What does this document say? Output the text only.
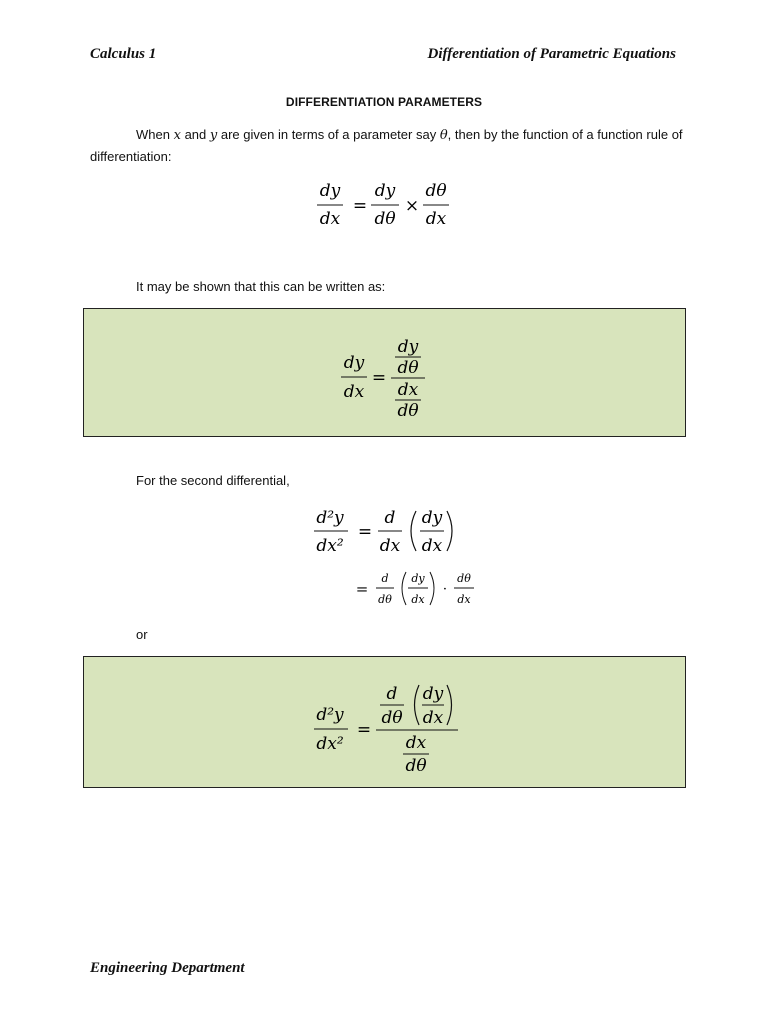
Calculus 1	Differentiation of Parametric Equations
DIFFERENTIATION PARAMETERS
When x and y are given in terms of a parameter say θ, then by the function of a function rule of differentiation:
dy
dx
=
dy
dθ
×
dθ
dx
It may be shown that this can be written as:
dy
dx
=
dy
dθ
dx
dθ
For the second differential,
d²y
dx²
=
d
dx
dy
dx
=
d
dθ
dy
dx
·
dθ
dx
or
d²y
dx²
=
d
dθ
dy
dx
dx
dθ
Engineering Department
